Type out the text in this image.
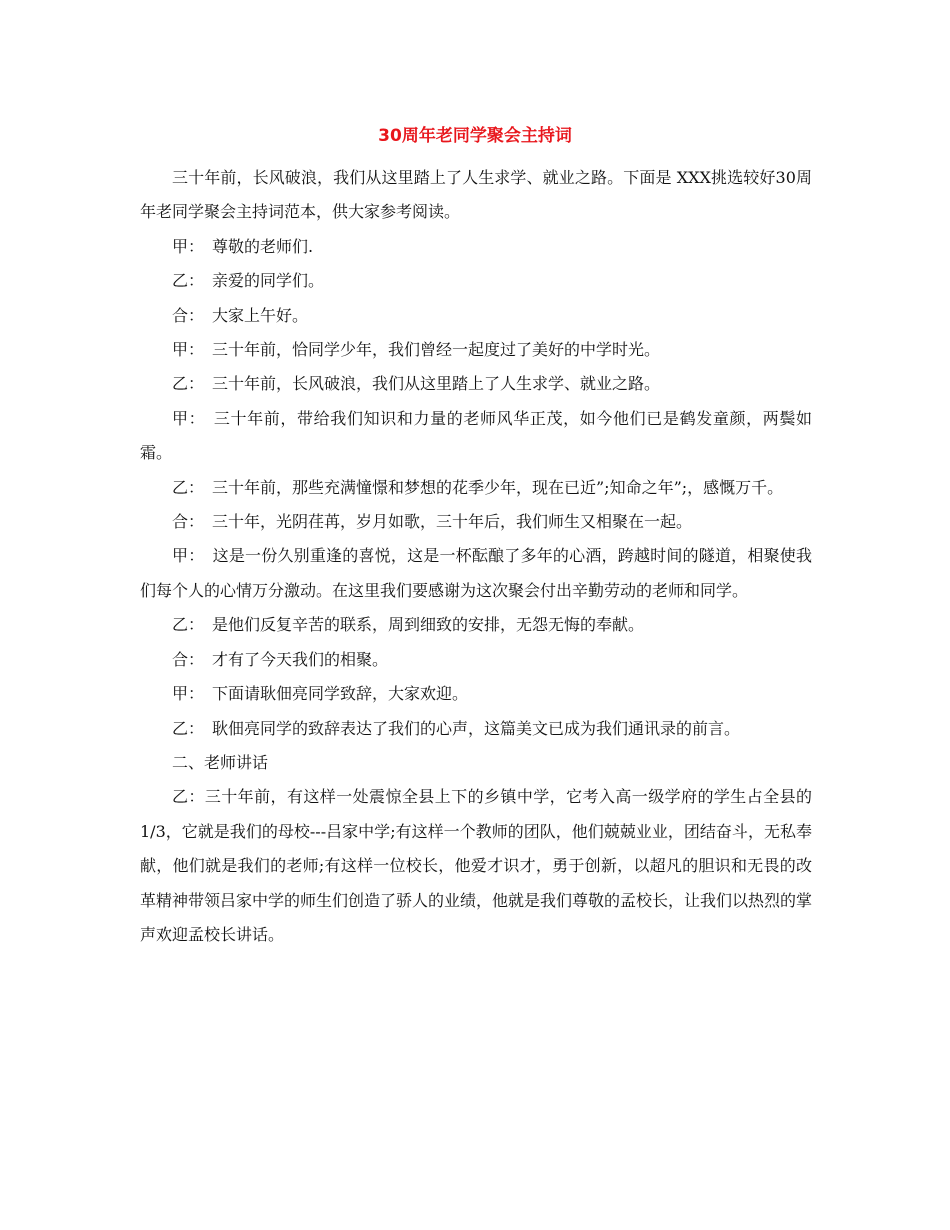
30周年老同学聚会主持词

三十年前，长风破浪，我们从这里踏上了人生求学、就业之路。下面是 XXX挑选较好30周年老同学聚会主持词范本，供大家参考阅读。

甲：　尊敬的老师们.

乙：　亲爱的同学们。

合：　大家上午好。

甲：　三十年前，恰同学少年，我们曾经一起度过了美好的中学时光。

乙：　三十年前，长风破浪，我们从这里踏上了人生求学、就业之路。

甲：　三十年前，带给我们知识和力量的老师风华正茂，如今他们已是鹤发童颜，两鬓如霜。

乙：　三十年前，那些充满憧憬和梦想的花季少年，现在已近”;知命之年”;，感慨万千。

合：　三十年，光阴荏苒，岁月如歌，三十年后，我们师生又相聚在一起。

甲：　这是一份久别重逢的喜悦，这是一杯酝酿了多年的心酒，跨越时间的隧道，相聚使我们每个人的心情万分激动。在这里我们要感谢为这次聚会付出辛勤劳动的老师和同学。

乙：　是他们反复辛苦的联系，周到细致的安排，无怨无悔的奉献。

合：　才有了今天我们的相聚。

甲：　下面请耿佃亮同学致辞，大家欢迎。

乙：　耿佃亮同学的致辞表达了我们的心声，这篇美文已成为我们通讯录的前言。

二、老师讲话

乙：三十年前，有这样一处震惊全县上下的乡镇中学，它考入高一级学府的学生占全县的1/3，它就是我们的母校---吕家中学;有这样一个教师的团队，他们兢兢业业，团结奋斗，无私奉献，他们就是我们的老师;有这样一位校长，他爱才识才，勇于创新，以超凡的胆识和无畏的改革精神带领吕家中学的师生们创造了骄人的业绩，他就是我们尊敬的孟校长，让我们以热烈的掌声欢迎孟校长讲话。
